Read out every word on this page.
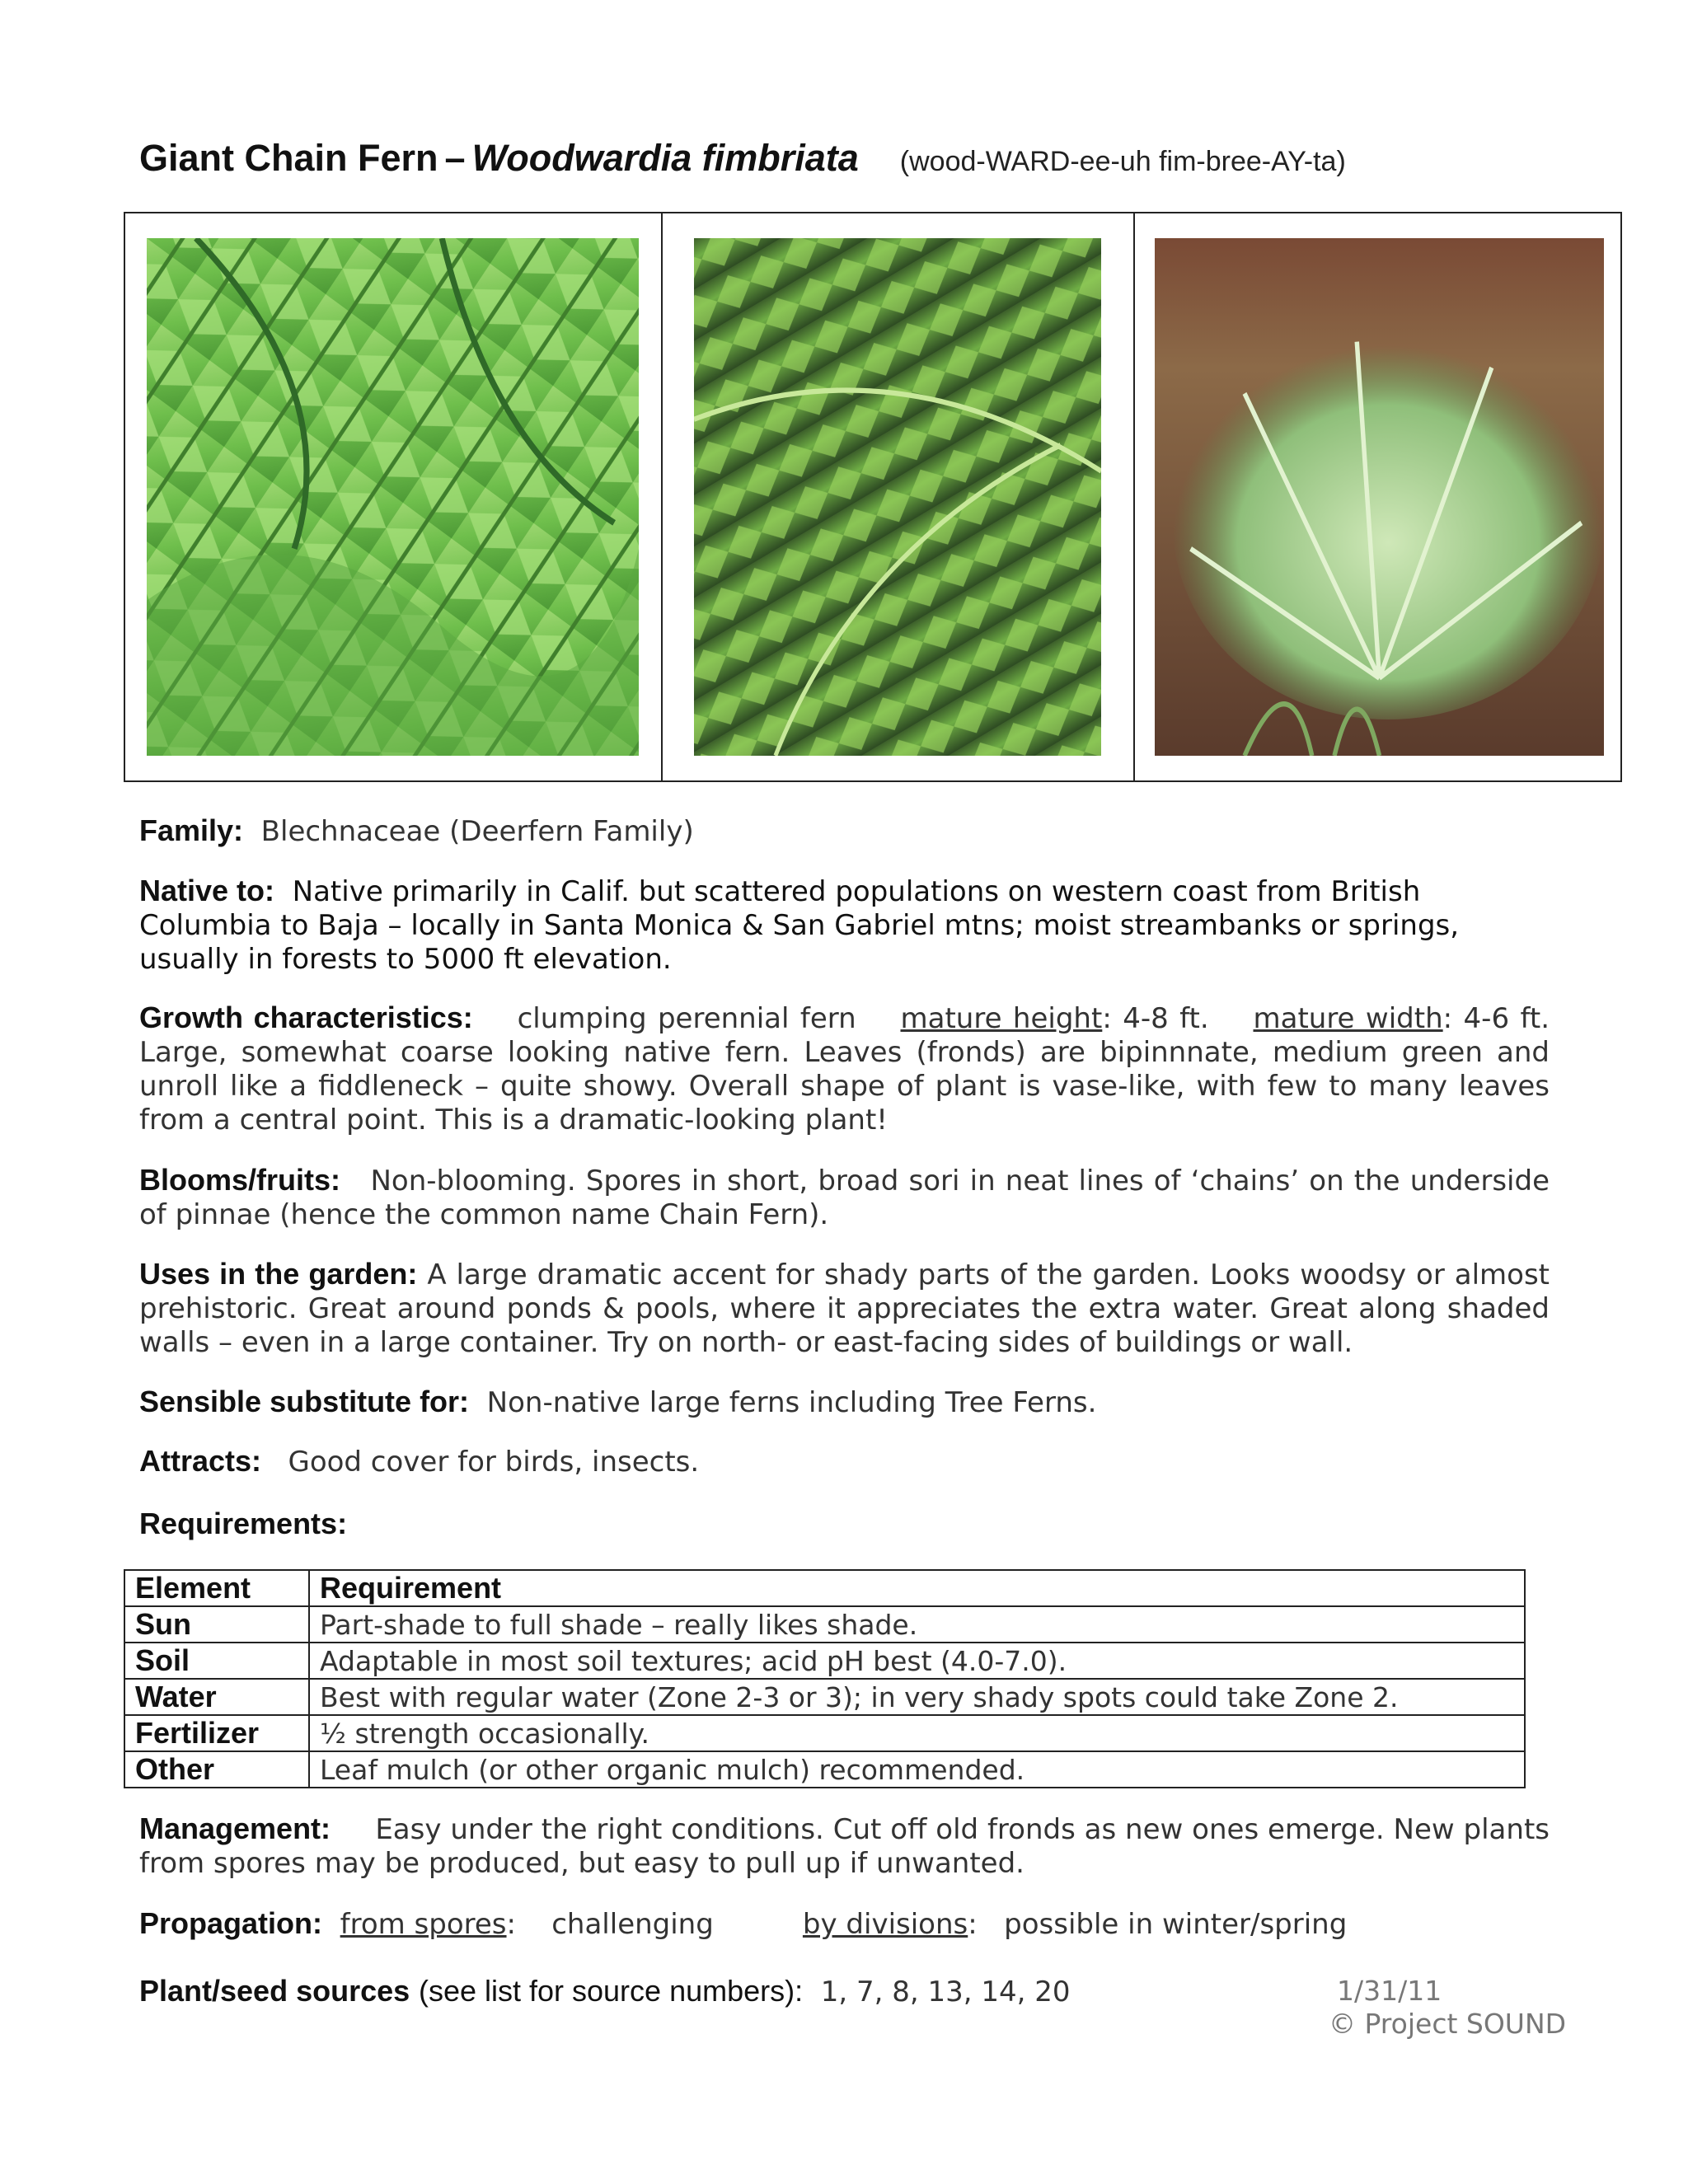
Giant Chain Fern – Woodwardia fimbriata (wood-WARD-ee-uh fim-bree-AY-ta)
Family: Blechnaceae (Deerfern Family)
Native to: Native primarily in Calif. but scattered populations on western coast from British Columbia to Baja – locally in Santa Monica & San Gabriel mtns; moist streambanks or springs, usually in forests to 5000 ft elevation.
Growth characteristics: clumping perennial fern mature height: 4-8 ft. mature width: 4-6 ft. Large, somewhat coarse looking native fern. Leaves (fronds) are bipinnnate, medium green and unroll like a fiddleneck – quite showy. Overall shape of plant is vase-like, with few to many leaves from a central point. This is a dramatic-looking plant!
Blooms/fruits: Non-blooming. Spores in short, broad sori in neat lines of ‘chains’ on the underside of pinnae (hence the common name Chain Fern).
Uses in the garden: A large dramatic accent for shady parts of the garden. Looks woodsy or almost prehistoric. Great around ponds & pools, where it appreciates the extra water. Great along shaded walls – even in a large container. Try on north- or east-facing sides of buildings or wall.
Sensible substitute for: Non-native large ferns including Tree Ferns.
Attracts: Good cover for birds, insects.
Requirements:
Element	Requirement
Sun	Part-shade to full shade – really likes shade.
Soil	Adaptable in most soil textures; acid pH best (4.0-7.0).
Water	Best with regular water (Zone 2-3 or 3); in very shady spots could take Zone 2.
Fertilizer	½ strength occasionally.
Other	Leaf mulch (or other organic mulch) recommended.
Management: Easy under the right conditions. Cut off old fronds as new ones emerge. New plants from spores may be produced, but easy to pull up if unwanted.
Propagation: from spores:    challenging	by divisions:   possible in winter/spring
Plant/seed sources (see list for source numbers): 1, 7, 8, 13, 14, 20	1/31/11
© Project SOUND
